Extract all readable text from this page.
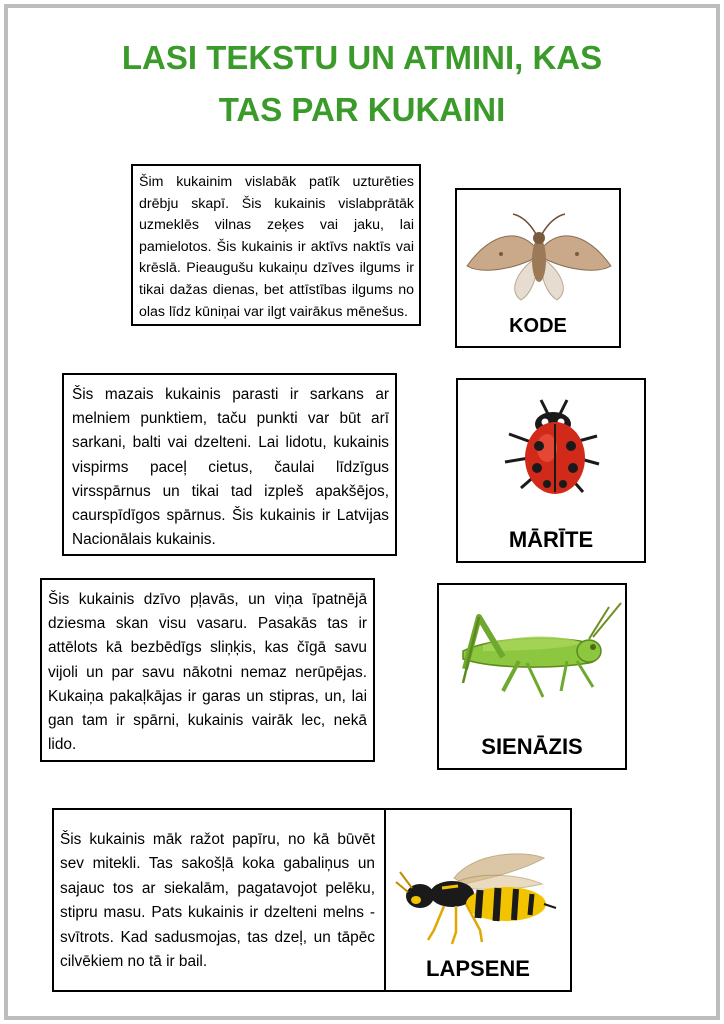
LASI TEKSTU UN ATMINI, KAS
TAS PAR KUKAINI
Šim kukainim vislabāk patīk uzturēties drēbju skapī. Šis kukainis vislabprātāk uzmeklēs vilnas zeķes vai jaku, lai pamielotos. Šis kukainis ir aktīvs naktīs vai krēslā. Pieaugušu kukaiņu dzīves ilgums ir tikai dažas dienas, bet attīstības ilgums no olas līdz kūniņai var ilgt vairākus mēnešus.
KODE
Šis mazais kukainis parasti ir sarkans ar melniem punktiem, taču punkti var būt arī sarkani, balti vai dzelteni. Lai lidotu, kukainis vispirms paceļ cietus, čaulai līdzīgus virsspārnus un tikai tad izpleš apakšējos, caurspīdīgos spārnus. Šis kukainis ir Latvijas Nacionālais kukainis.	MĀRĪTE
Šis kukainis dzīvo pļavās, un viņa īpatnējā dziesma skan visu vasaru. Pasakās tas ir attēlots kā bezbēdīgs sliņķis, kas čīgā savu vijoli un par savu nākotni nemaz nerūpējas. Kukaiņa pakaļkājas ir garas un stipras, un, lai gan tam ir spārni, kukainis vairāk lec, nekā lido.	SIENĀZIS
Šis kukainis māk ražot papīru, no kā būvēt sev mitekli. Tas sakošļā koka gabaliņus un sajauc tos ar siekalām, pagatavojot pelēku, stipru masu. Pats kukainis ir dzelteni melns - svītrots. Kad sadusmojas, tas dzeļ, un tāpēc cilvēkiem no tā ir bail.	LAPSENE
